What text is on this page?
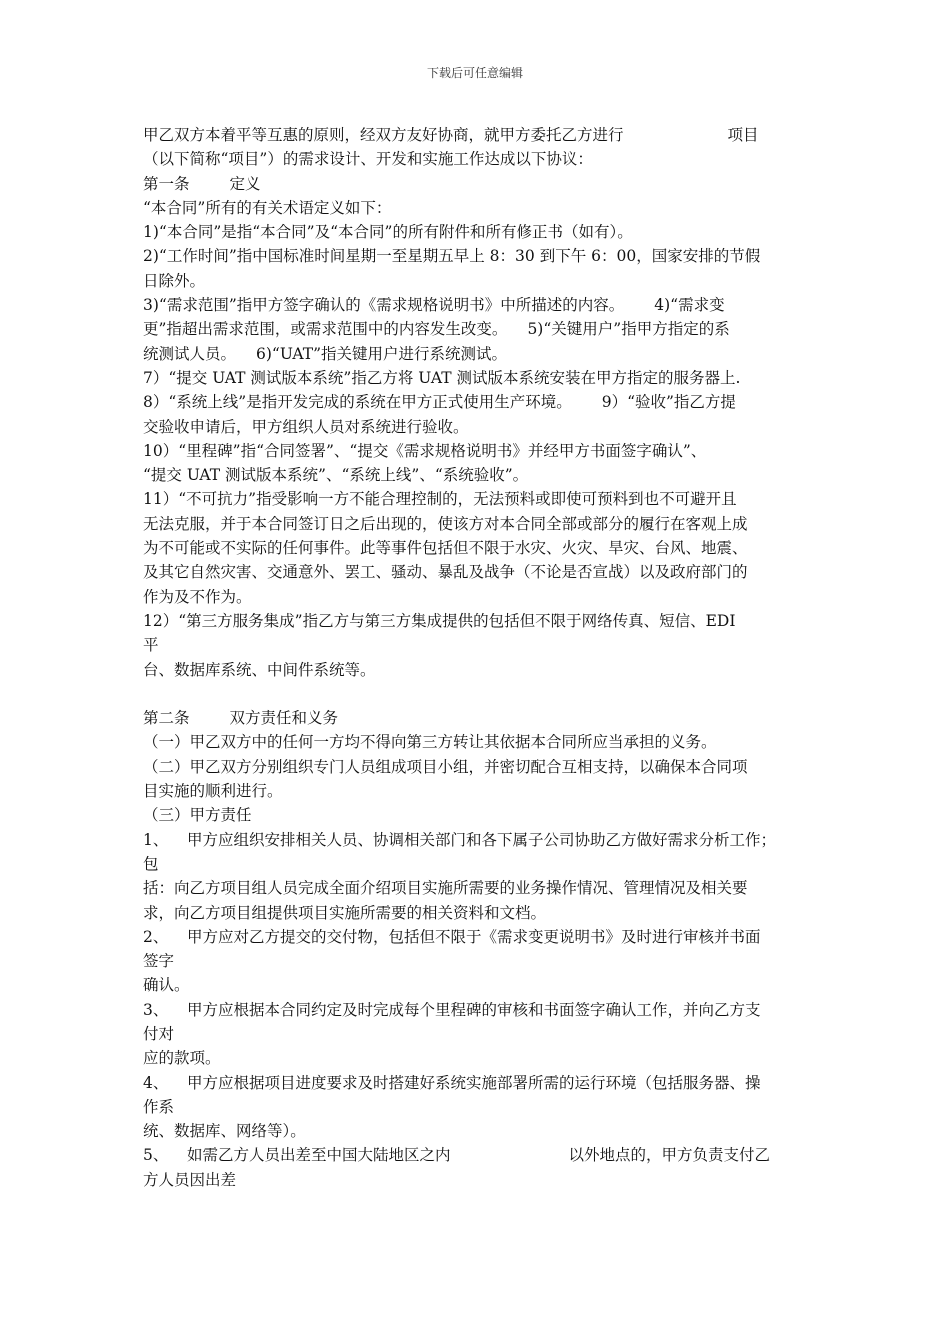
下载后可任意编辑
甲乙双方本着平等互惠的原则，经双方友好协商，就甲方委托乙方进行	项目
（以下简称“项目”）的需求设计、开发和实施工作达成以下协议：
第一条	定义
“本合同”所有的有关术语定义如下：
1)“本合同”是指“本合同”及“本合同”的所有附件和所有修正书（如有）。
2)“工作时间”指中国标准时间星期一至星期五早上 8：30 到下午 6：00，国家安排的节假
日除外。
3)“需求范围”指甲方签字确认的《需求规格说明书》中所描述的内容。 4)“需求变
更”指超出需求范围，或需求范围中的内容发生改变。 5)“关键用户”指甲方指定的系
统测试人员。 6)“UAT”指关键用户进行系统测试。
7）“提交 UAT 测试版本系统”指乙方将 UAT 测试版本系统安装在甲方指定的服务器上.
8）“系统上线”是指开发完成的系统在甲方正式使用生产环境。 9）“验收”指乙方提
交验收申请后，甲方组织人员对系统进行验收。
10）“里程碑”指“合同签署”、“提交《需求规格说明书》并经甲方书面签字确认”、
“提交 UAT 测试版本系统”、“系统上线”、“系统验收”。
11）“不可抗力”指受影响一方不能合理控制的，无法预料或即使可预料到也不可避开且
无法克服，并于本合同签订日之后出现的，使该方对本合同全部或部分的履行在客观上成
为不可能或不实际的任何事件。此等事件包括但不限于水灾、火灾、旱灾、台风、地震、
及其它自然灾害、交通意外、罢工、骚动、暴乱及战争（不论是否宣战）以及政府部门的
作为及不作为。
12）“第三方服务集成”指乙方与第三方集成提供的包括但不限于网络传真、短信、EDI
平
台、数据库系统、中间件系统等。
第二条	双方责任和义务
（一）甲乙双方中的任何一方均不得向第三方转让其依据本合同所应当承担的义务。
（二）甲乙双方分别组织专门人员组成项目小组，并密切配合互相支持，以确保本合同项
目实施的顺利进行。
（三）甲方责任
1、 甲方应组织安排相关人员、协调相关部门和各下属子公司协助乙方做好需求分析工作；
包
括：向乙方项目组人员完成全面介绍项目实施所需要的业务操作情况、管理情况及相关要
求，向乙方项目组提供项目实施所需要的相关资料和文档。
2、 甲方应对乙方提交的交付物，包括但不限于《需求变更说明书》及时进行审核并书面
签字
确认。
3、 甲方应根据本合同约定及时完成每个里程碑的审核和书面签字确认工作，并向乙方支
付对
应的款项。
4、 甲方应根据项目进度要求及时搭建好系统实施部署所需的运行环境（包括服务器、操
作系
统、数据库、网络等）。
5、 如需乙方人员出差至中国大陆地区之内	以外地点的，甲方负责支付乙
方人员因出差
